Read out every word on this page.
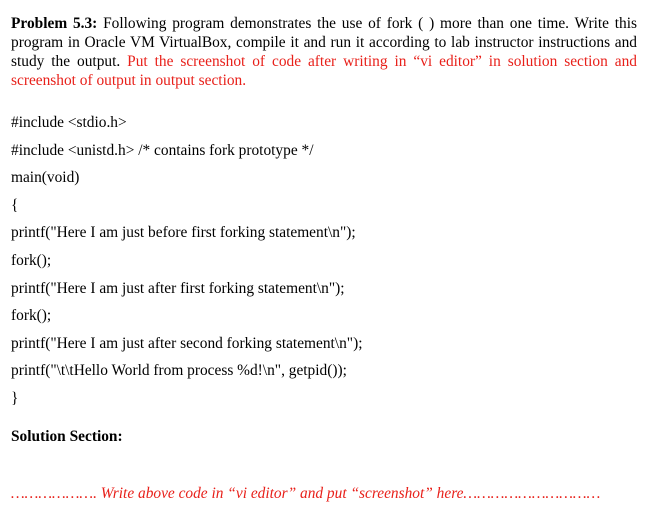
Problem 5.3: Following program demonstrates the use of fork ( ) more than one time. Write this program in Oracle VM VirtualBox, compile it and run it according to lab instructor instructions and study the output. Put the screenshot of code after writing in “vi editor” in solution section and screenshot of output in output section.

#include <stdio.h>
#include <unistd.h> /* contains fork prototype */
main(void)
{
printf("Here I am just before first forking statement\n");
fork();
printf("Here I am just after first forking statement\n");
fork();
printf("Here I am just after second forking statement\n");
printf("\t\tHello World from process %d!\n", getpid());
}
Solution Section:
………………. Write above code in “vi editor” and put “screenshot” here…………………………
